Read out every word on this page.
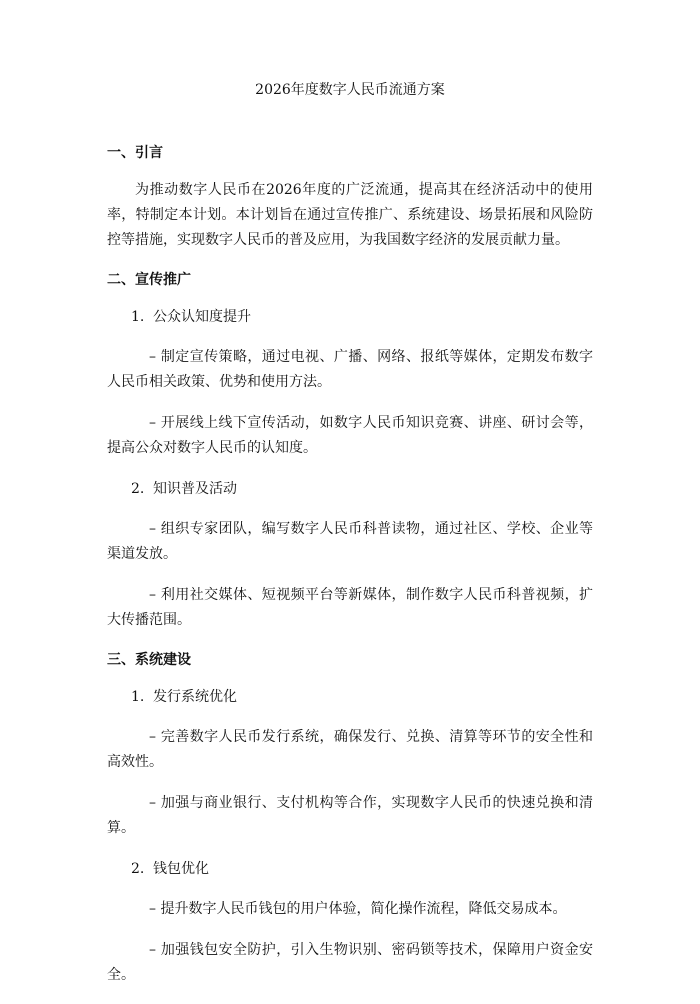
2026年度数字人民币流通方案
一、引言
为推动数字人民币在2026年度的广泛流通，提高其在经济活动中的使用率，特制定本计划。本计划旨在通过宣传推广、系统建设、场景拓展和风险防控等措施，实现数字人民币的普及应用，为我国数字经济的发展贡献力量。
二、宣传推广
1. 公众认知度提升
– 制定宣传策略，通过电视、广播、网络、报纸等媒体，定期发布数字人民币相关政策、优势和使用方法。
– 开展线上线下宣传活动，如数字人民币知识竞赛、讲座、研讨会等，提高公众对数字人民币的认知度。
2. 知识普及活动
– 组织专家团队，编写数字人民币科普读物，通过社区、学校、企业等渠道发放。
– 利用社交媒体、短视频平台等新媒体，制作数字人民币科普视频，扩大传播范围。
三、系统建设
1. 发行系统优化
– 完善数字人民币发行系统，确保发行、兑换、清算等环节的安全性和高效性。
– 加强与商业银行、支付机构等合作，实现数字人民币的快速兑换和清算。
2. 钱包优化
– 提升数字人民币钱包的用户体验，简化操作流程，降低交易成本。
– 加强钱包安全防护，引入生物识别、密码锁等技术，保障用户资金安全。
